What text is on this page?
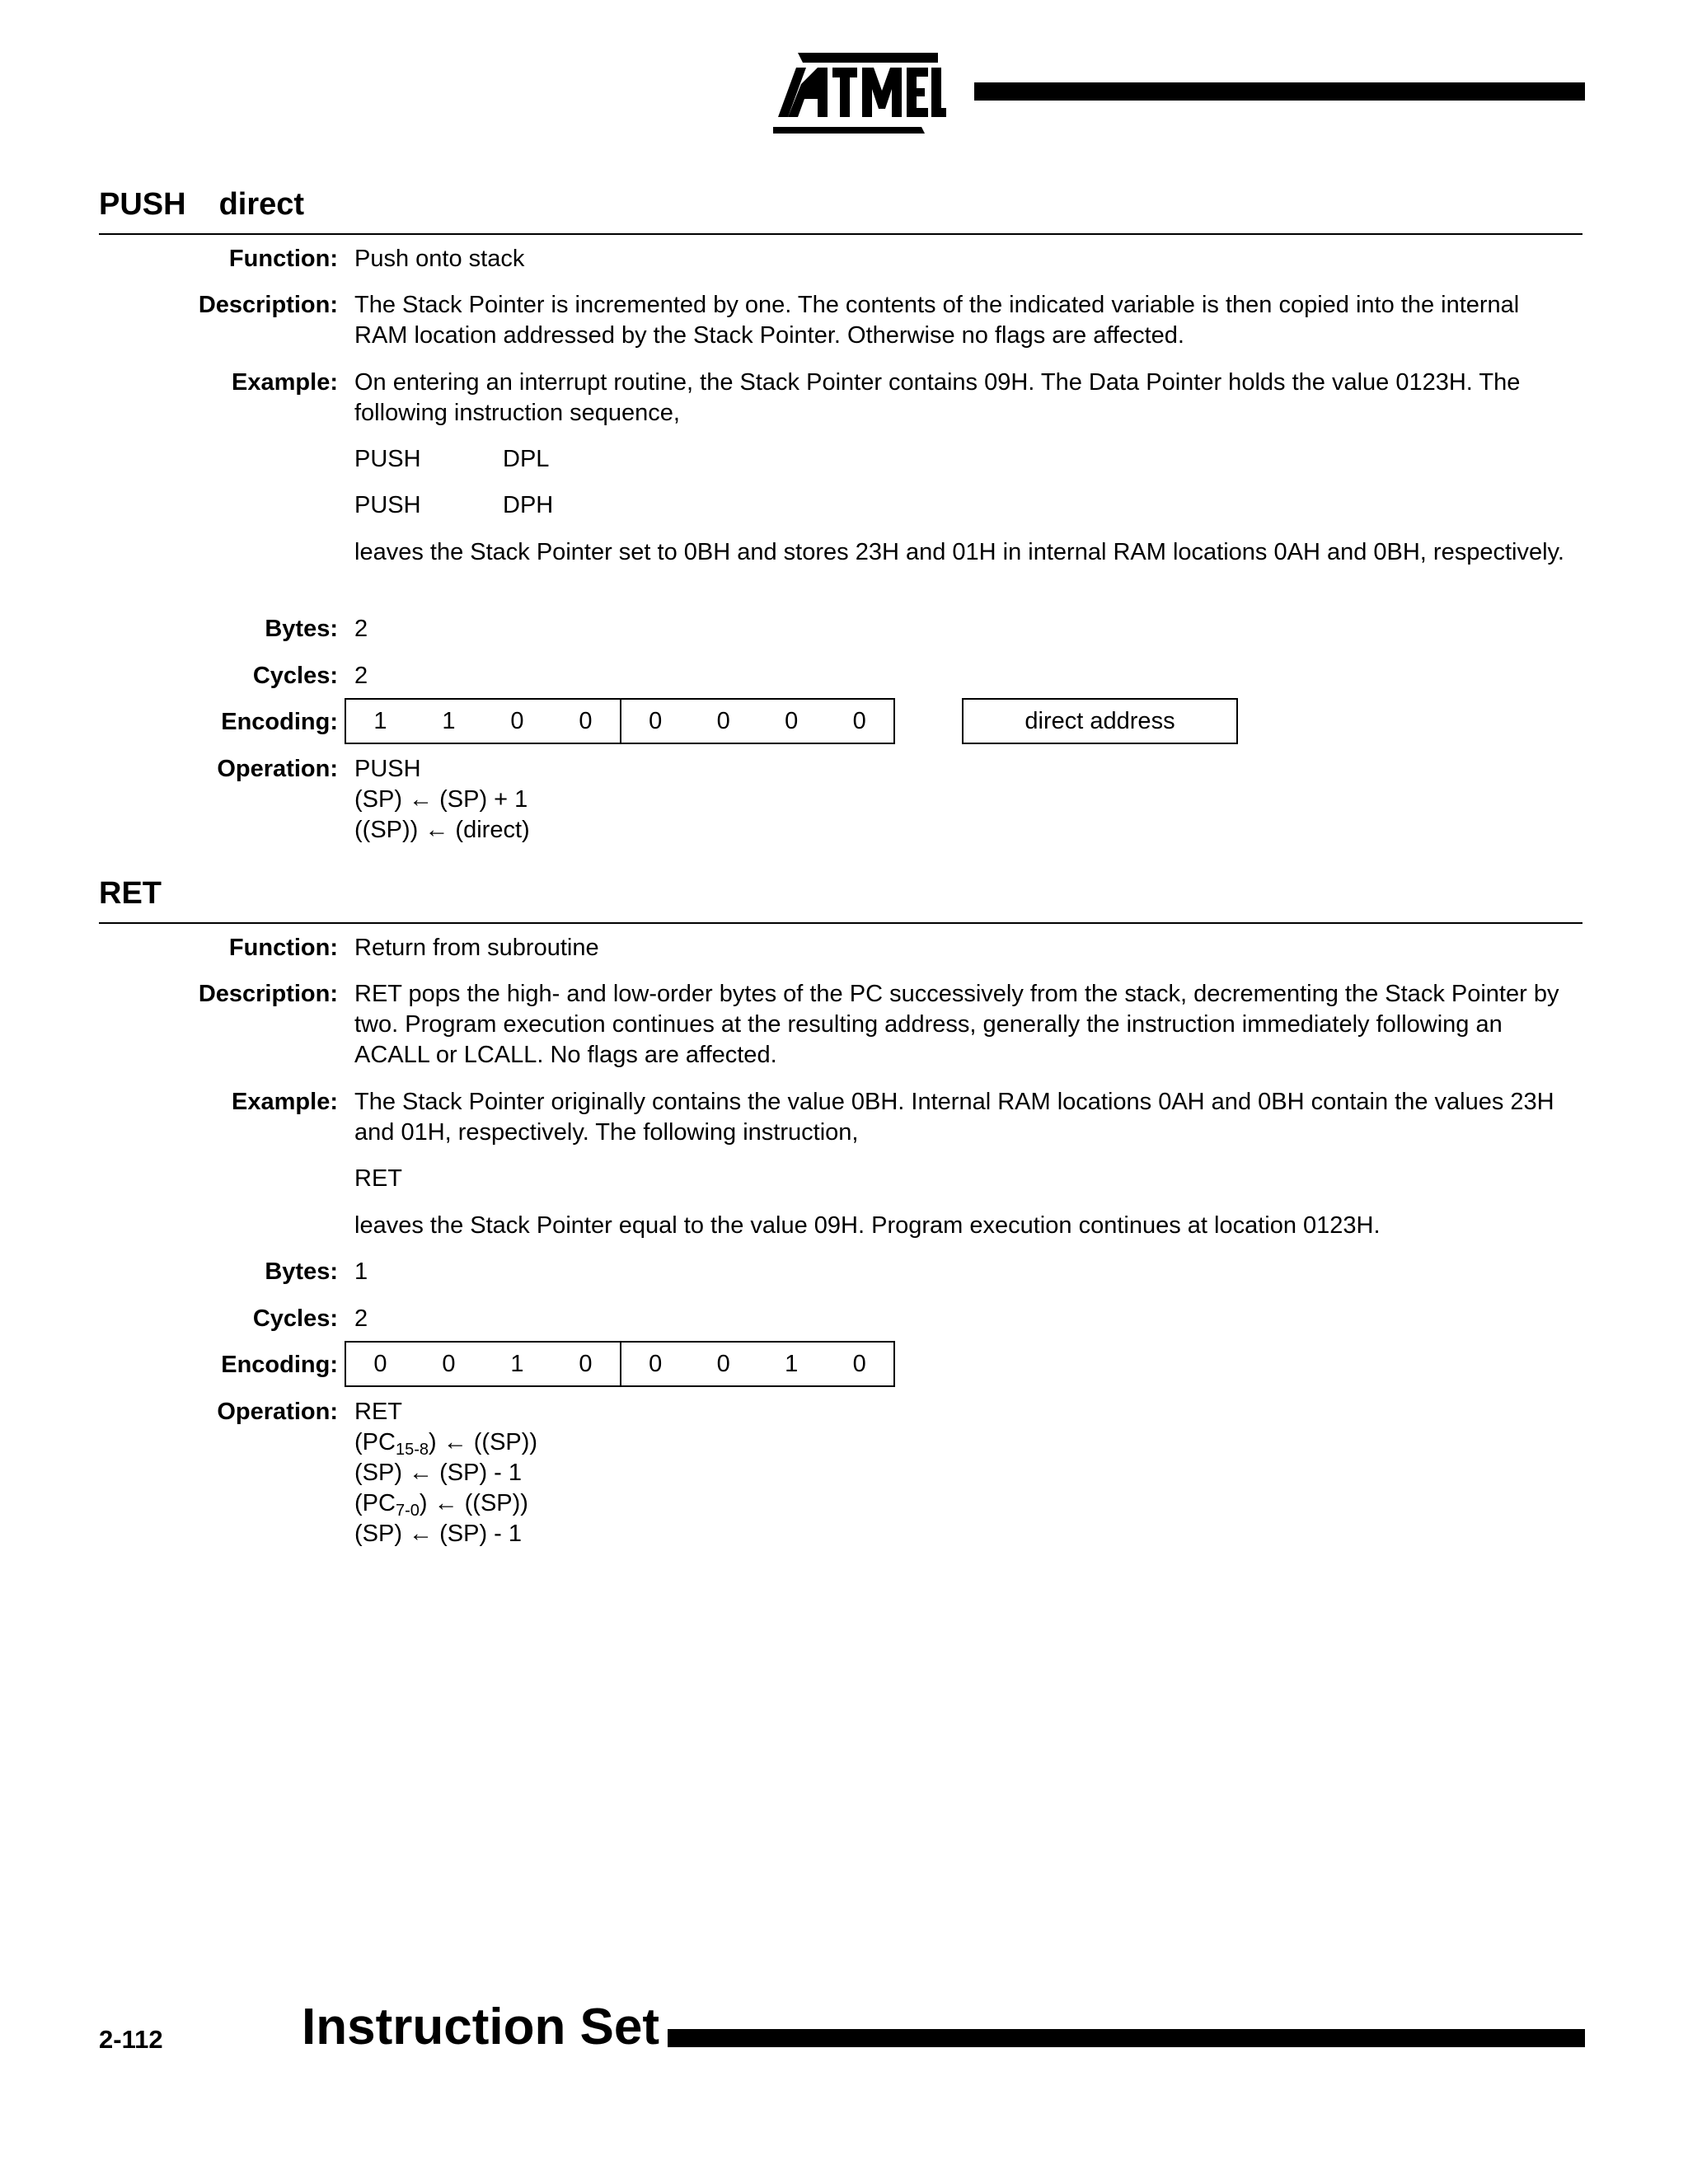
PUSH direct
Function: Push onto stack
Description: The Stack Pointer is incremented by one. The contents of the indicated variable is then copied into the internal RAM location addressed by the Stack Pointer. Otherwise no flags are affected.
Example: On entering an interrupt routine, the Stack Pointer contains 09H. The Data Pointer holds the value 0123H. The following instruction sequence,
PUSH	DPL
PUSH	DPH
leaves the Stack Pointer set to 0BH and stores 23H and 01H in internal RAM locations 0AH and 0BH, respectively.
Bytes: 2
Cycles: 2
Encoding:	1	1	0	0	0	0	0	0	direct address
Operation: PUSH
(SP) ← (SP) + 1
((SP)) ← (direct)
RET
Function: Return from subroutine
Description: RET pops the high- and low-order bytes of the PC successively from the stack, decrementing the Stack Pointer by two. Program execution continues at the resulting address, generally the instruction immediately following an ACALL or LCALL. No flags are affected.
Example: The Stack Pointer originally contains the value 0BH. Internal RAM locations 0AH and 0BH contain the values 23H and 01H, respectively. The following instruction,
RET
leaves the Stack Pointer equal to the value 09H. Program execution continues at location 0123H.
Bytes: 1
Cycles: 2
Encoding:	0	0	1	0	0	0	1	0
Operation: RET
$(PC_{15-8})$ ← ((SP))
(SP) ← (SP) - 1
$(PC_{7-0})$ ← ((SP))
(SP) ← (SP) - 1
2-112	Instruction Set
